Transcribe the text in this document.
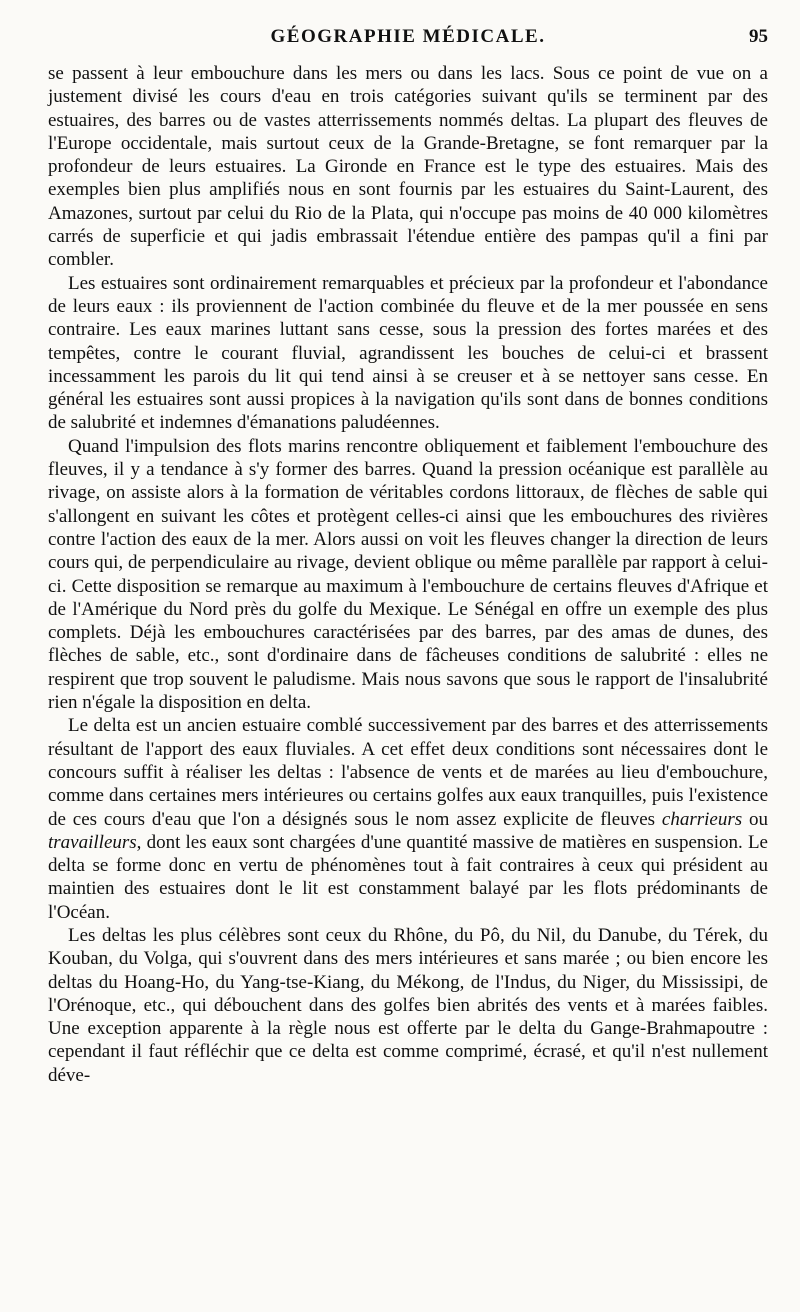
GÉOGRAPHIE MÉDICALE.	95

se passent à leur embouchure dans les mers ou dans les lacs. Sous ce point de vue on a justement divisé les cours d'eau en trois catégories suivant qu'ils se terminent par des estuaires, des barres ou de vastes atterrissements nommés deltas. La plupart des fleuves de l'Europe occidentale, mais surtout ceux de la Grande-Bretagne, se font remarquer par la profondeur de leurs estuaires. La Gironde en France est le type des estuaires. Mais des exemples bien plus amplifiés nous en sont fournis par les estuaires du Saint-Laurent, des Amazones, surtout par celui du Rio de la Plata, qui n'occupe pas moins de 40 000 kilomètres carrés de superficie et qui jadis embrassait l'étendue entière des pampas qu'il a fini par combler.

Les estuaires sont ordinairement remarquables et précieux par la profondeur et l'abondance de leurs eaux : ils proviennent de l'action combinée du fleuve et de la mer poussée en sens contraire. Les eaux marines luttant sans cesse, sous la pression des fortes marées et des tempêtes, contre le courant fluvial, agrandissent les bouches de celui-ci et brassent incessamment les parois du lit qui tend ainsi à se creuser et à se nettoyer sans cesse. En général les estuaires sont aussi propices à la navigation qu'ils sont dans de bonnes conditions de salubrité et indemnes d'émanations paludéennes.

Quand l'impulsion des flots marins rencontre obliquement et faiblement l'embouchure des fleuves, il y a tendance à s'y former des barres. Quand la pression océanique est parallèle au rivage, on assiste alors à la formation de véritables cordons littoraux, de flèches de sable qui s'allongent en suivant les côtes et protègent celles-ci ainsi que les embouchures des rivières contre l'action des eaux de la mer. Alors aussi on voit les fleuves changer la direction de leurs cours qui, de perpendiculaire au rivage, devient oblique ou même parallèle par rapport à celui-ci. Cette disposition se remarque au maximum à l'embouchure de certains fleuves d'Afrique et de l'Amérique du Nord près du golfe du Mexique. Le Sénégal en offre un exemple des plus complets. Déjà les embouchures caractérisées par des barres, par des amas de dunes, des flèches de sable, etc., sont d'ordinaire dans de fâcheuses conditions de salubrité : elles ne respirent que trop souvent le paludisme. Mais nous savons que sous le rapport de l'insalubrité rien n'égale la disposition en delta.

Le delta est un ancien estuaire comblé successivement par des barres et des atterrissements résultant de l'apport des eaux fluviales. A cet effet deux conditions sont nécessaires dont le concours suffit à réaliser les deltas : l'absence de vents et de marées au lieu d'embouchure, comme dans certaines mers intérieures ou certains golfes aux eaux tranquilles, puis l'existence de ces cours d'eau que l'on a désignés sous le nom assez explicite de fleuves charrieurs ou travailleurs, dont les eaux sont chargées d'une quantité massive de matières en suspension. Le delta se forme donc en vertu de phénomènes tout à fait contraires à ceux qui président au maintien des estuaires dont le lit est constamment balayé par les flots prédominants de l'Océan.

Les deltas les plus célèbres sont ceux du Rhône, du Pô, du Nil, du Danube, du Térek, du Kouban, du Volga, qui s'ouvrent dans des mers intérieures et sans marée ; ou bien encore les deltas du Hoang-Ho, du Yang-tse-Kiang, du Mékong, de l'Indus, du Niger, du Mississipi, de l'Orénoque, etc., qui débouchent dans des golfes bien abrités des vents et à marées faibles. Une exception apparente à la règle nous est offerte par le delta du Gange-Brahmapoutre : cependant il faut réfléchir que ce delta est comme comprimé, écrasé, et qu'il n'est nullement déve-
